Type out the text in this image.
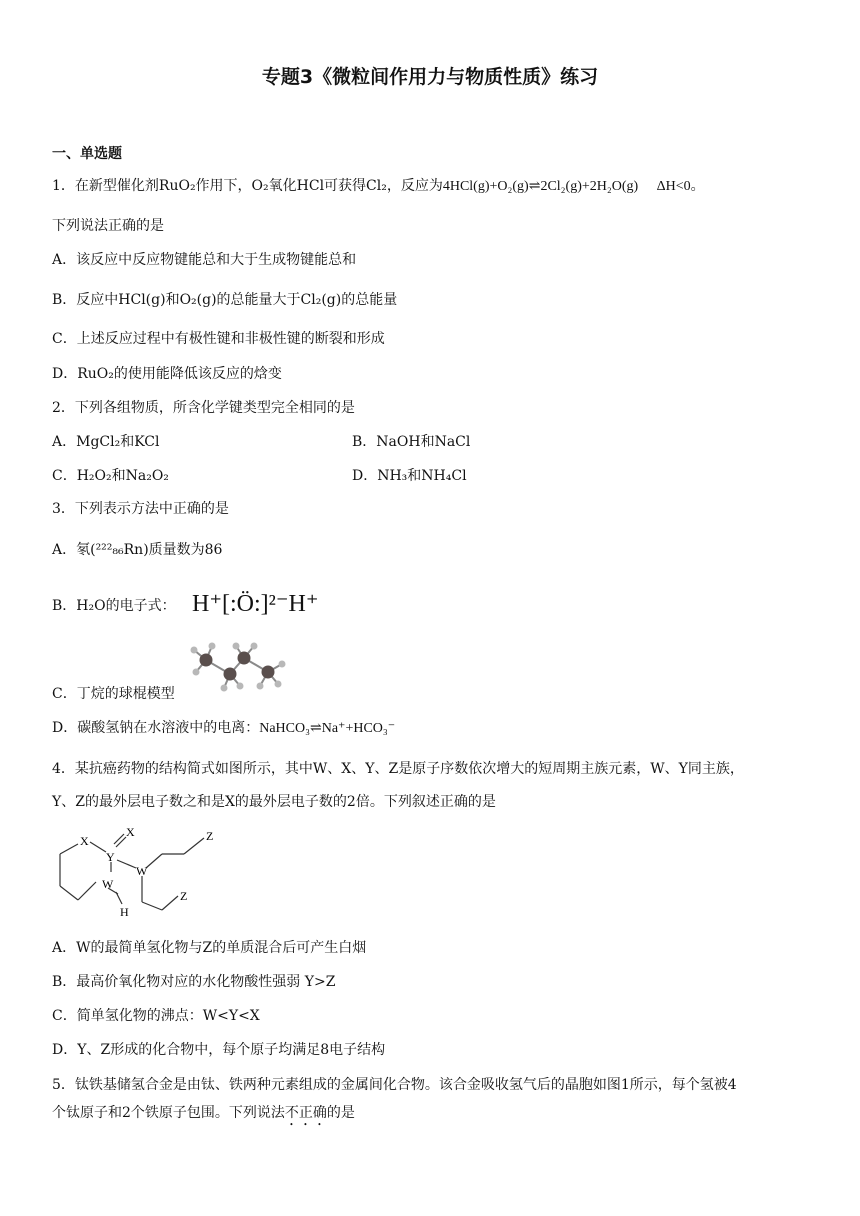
专题3《微粒间作用力与物质性质》练习
一、单选题
1．在新型催化剂RuO₂作用下，O₂氧化HCl可获得Cl₂，反应为4HCl(g)+O₂(g)⇌2Cl₂(g)+2H₂O(g) ΔH<0。
下列说法正确的是
A．该反应中反应物键能总和大于生成物键能总和
B．反应中HCl(g)和O₂(g)的总能量大于Cl₂(g)的总能量
C．上述反应过程中有极性键和非极性键的断裂和形成
D．RuO₂的使用能降低该反应的焓变
2．下列各组物质，所含化学键类型完全相同的是
A．MgCl₂和KCl	B．NaOH和NaCl
C．H₂O₂和Na₂O₂	D．NH₃和NH₄Cl
3．下列表示方法中正确的是
A．氡(²²²₈₆Rn)质量数为86
B．H₂O的电子式： H⁺[:Ö:]²⁻H⁺
C．丁烷的球棍模型
D．碳酸氢钠在水溶液中的电离：NaHCO₃⇌Na⁺+HCO₃⁻
4．某抗癌药物的结构简式如图所示，其中W、X、Y、Z是原子序数依次增大的短周期主族元素，W、Y同主族，
Y、Z的最外层电子数之和是X的最外层电子数的2倍。下列叙述正确的是
X
Y
X
W
W
H
Z
Z
A．W的最简单氢化物与Z的单质混合后可产生白烟
B．最高价氧化物对应的水化物酸性强弱 Y>Z
C．简单氢化物的沸点：W<Y<X
D．Y、Z形成的化合物中，每个原子均满足8电子结构
5．钛铁基储氢合金是由钛、铁两种元素组成的金属间化合物。该合金吸收氢气后的晶胞如图1所示，每个氢被4
个钛原子和2个铁原子包围。下列说法不正确的是
